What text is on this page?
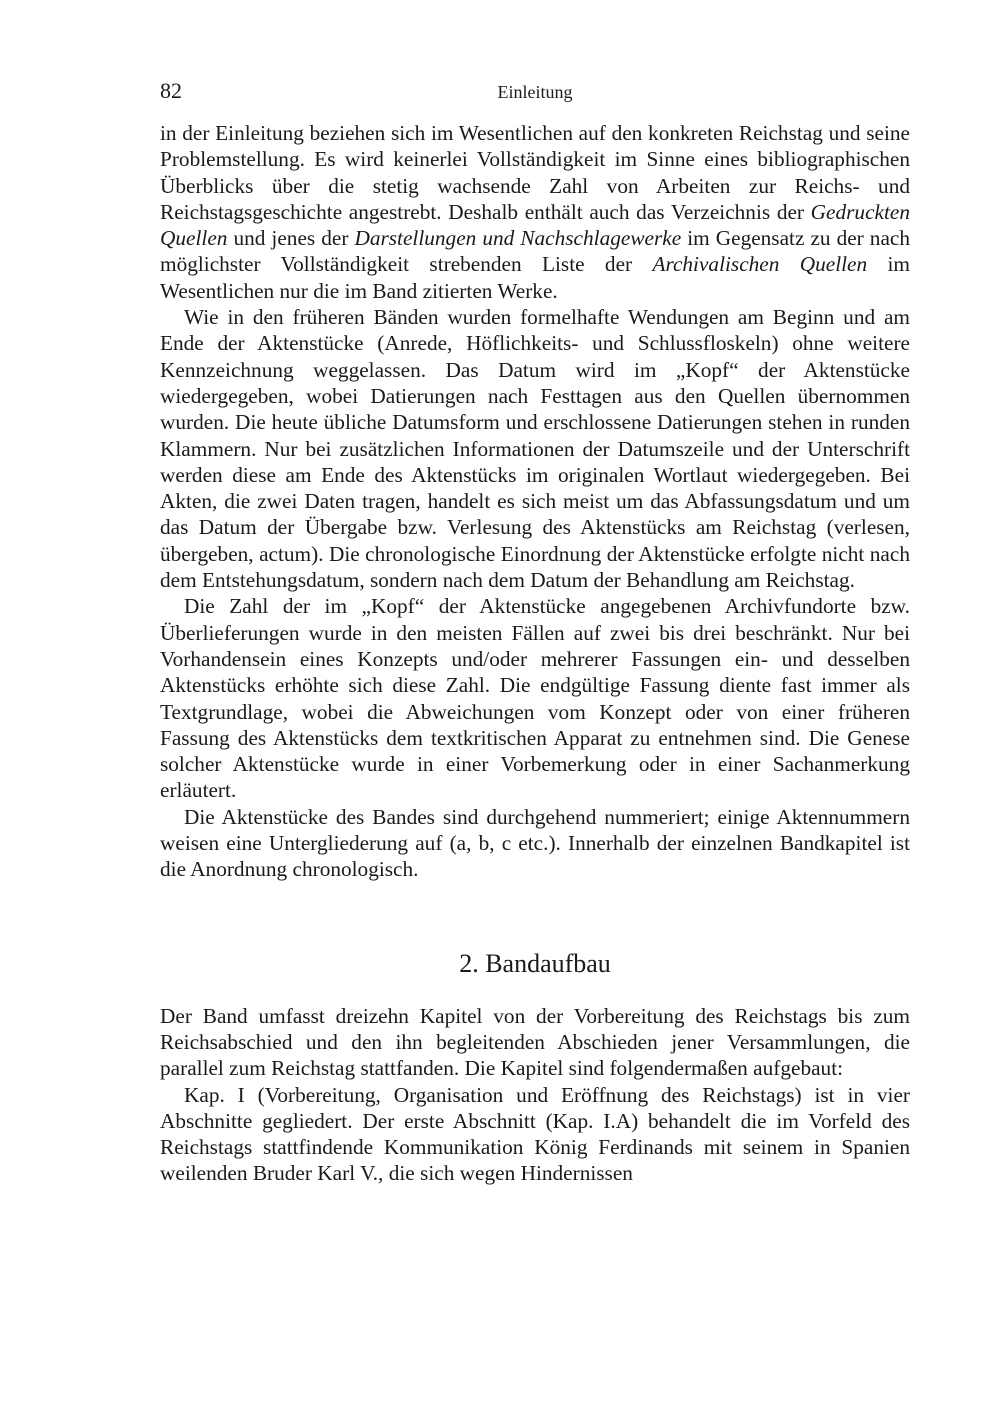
82	Einleitung

in der Einleitung beziehen sich im Wesentlichen auf den konkreten Reichstag und seine Problemstellung. Es wird keinerlei Vollständigkeit im Sinne eines bibliographischen Überblicks über die stetig wachsende Zahl von Arbeiten zur Reichs- und Reichstagsgeschichte angestrebt. Deshalb enthält auch das Verzeichnis der Gedruckten Quellen und jenes der Darstellungen und Nachschlagewerke im Gegensatz zu der nach möglichster Vollständigkeit strebenden Liste der Archivalischen Quellen im Wesentlichen nur die im Band zitierten Werke.

Wie in den früheren Bänden wurden formelhafte Wendungen am Beginn und am Ende der Aktenstücke (Anrede, Höflichkeits- und Schlussfloskeln) ohne weitere Kennzeichnung weggelassen. Das Datum wird im „Kopf“ der Aktenstücke wiedergegeben, wobei Datierungen nach Festtagen aus den Quellen übernommen wurden. Die heute übliche Datumsform und erschlossene Datierungen stehen in runden Klammern. Nur bei zusätzlichen Informationen der Datumszeile und der Unterschrift werden diese am Ende des Aktenstücks im originalen Wortlaut wiedergegeben. Bei Akten, die zwei Daten tragen, handelt es sich meist um das Abfassungsdatum und um das Datum der Übergabe bzw. Verlesung des Aktenstücks am Reichstag (verlesen, übergeben, actum). Die chronologische Einordnung der Aktenstücke erfolgte nicht nach dem Entstehungsdatum, sondern nach dem Datum der Behandlung am Reichstag.

Die Zahl der im „Kopf“ der Aktenstücke angegebenen Archivfundorte bzw. Überlieferungen wurde in den meisten Fällen auf zwei bis drei beschränkt. Nur bei Vorhandensein eines Konzepts und/oder mehrerer Fassungen ein- und desselben Aktenstücks erhöhte sich diese Zahl. Die endgültige Fassung diente fast immer als Textgrundlage, wobei die Abweichungen vom Konzept oder von einer früheren Fassung des Aktenstücks dem textkritischen Apparat zu entnehmen sind. Die Genese solcher Aktenstücke wurde in einer Vorbemerkung oder in einer Sachanmerkung erläutert.

Die Aktenstücke des Bandes sind durchgehend nummeriert; einige Aktennummern weisen eine Untergliederung auf (a, b, c etc.). Innerhalb der einzelnen Bandkapitel ist die Anordnung chronologisch.

2. Bandaufbau

Der Band umfasst dreizehn Kapitel von der Vorbereitung des Reichstags bis zum Reichsabschied und den ihn begleitenden Abschieden jener Versammlungen, die parallel zum Reichstag stattfanden. Die Kapitel sind folgendermaßen aufgebaut:

Kap. I (Vorbereitung, Organisation und Eröffnung des Reichstags) ist in vier Abschnitte gegliedert. Der erste Abschnitt (Kap. I.A) behandelt die im Vorfeld des Reichstags stattfindende Kommunikation König Ferdinands mit seinem in Spanien weilenden Bruder Karl V., die sich wegen Hindernissen
